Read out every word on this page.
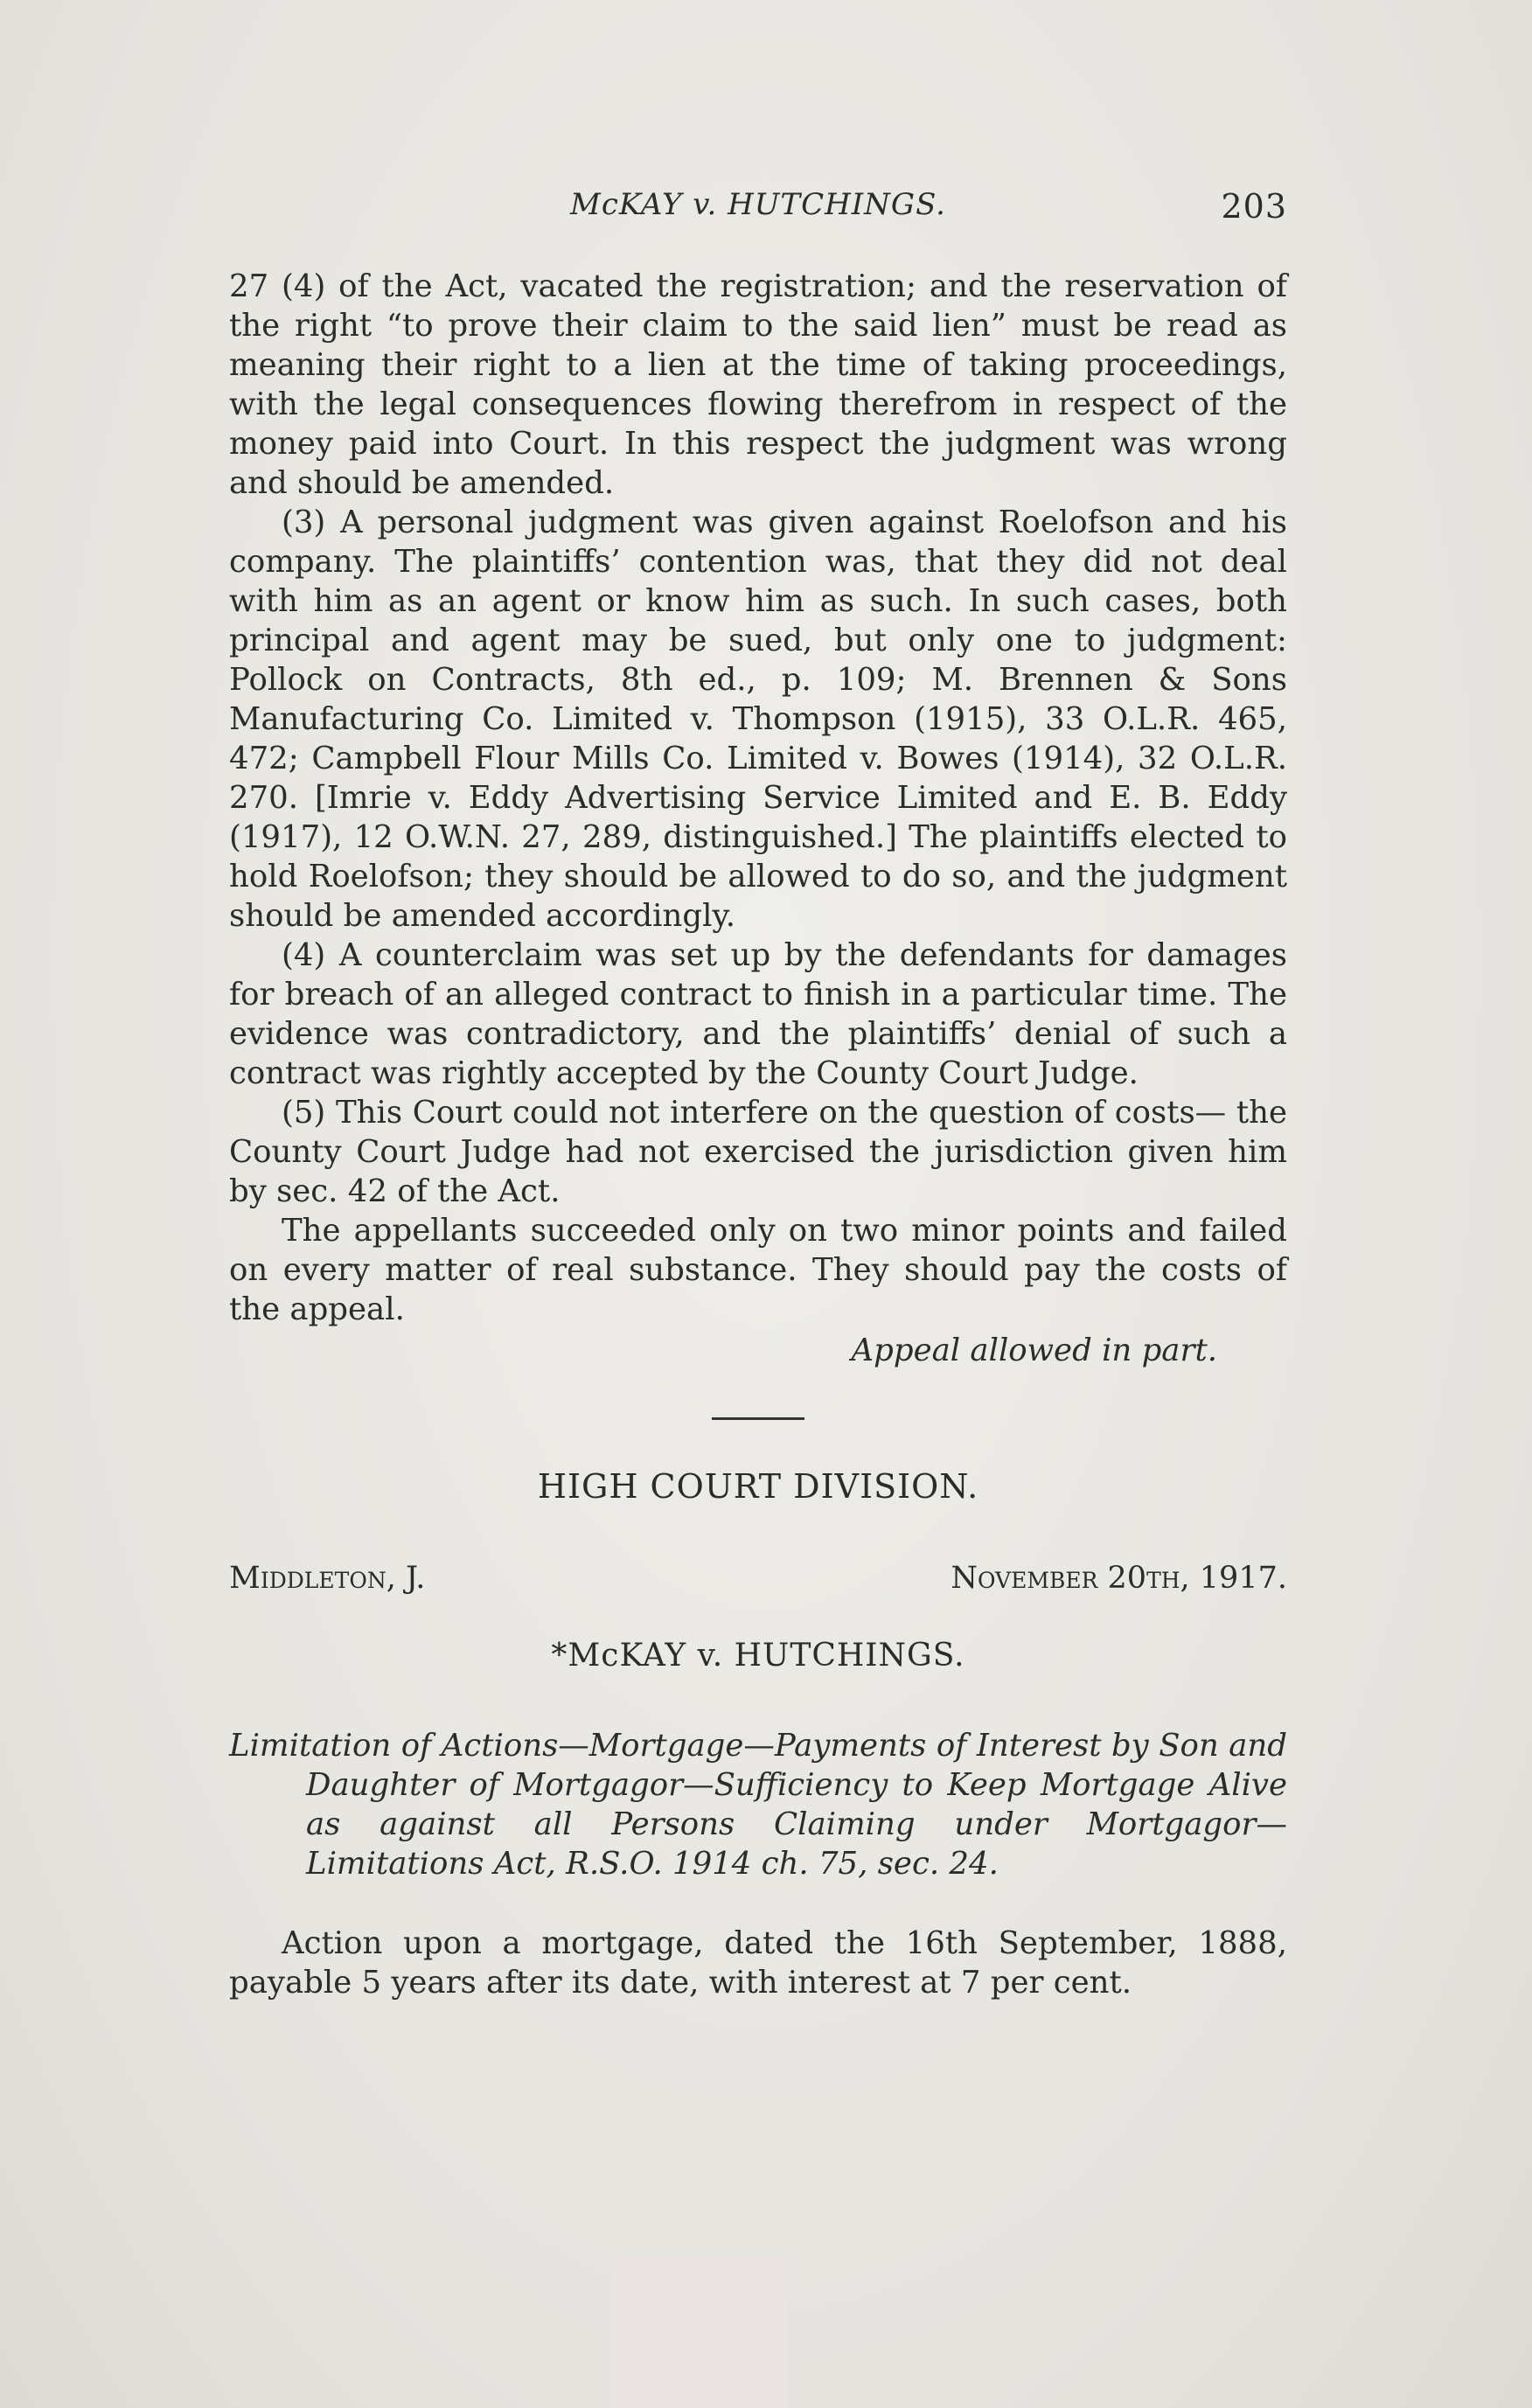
McKAY v. HUTCHINGS.	203

27 (4) of the Act, vacated the registration; and the reservation of the right “to prove their claim to the said lien” must be read as meaning their right to a lien at the time of taking proceedings, with the legal consequences flowing therefrom in respect of the money paid into Court. In this respect the judgment was wrong and should be amended.

(3) A personal judgment was given against Roelofson and his company. The plaintiffs’ contention was, that they did not deal with him as an agent or know him as such. In such cases, both principal and agent may be sued, but only one to judgment: Pollock on Contracts, 8th ed., p. 109; M. Brennen & Sons Manufacturing Co. Limited v. Thompson (1915), 33 O.L.R. 465, 472; Campbell Flour Mills Co. Limited v. Bowes (1914), 32 O.L.R. 270. [Imrie v. Eddy Advertising Service Limited and E. B. Eddy (1917), 12 O.W.N. 27, 289, distinguished.] The plaintiffs elected to hold Roelofson; they should be allowed to do so, and the judgment should be amended accordingly.

(4) A counterclaim was set up by the defendants for damages for breach of an alleged contract to finish in a particular time. The evidence was contradictory, and the plaintiffs’ denial of such a contract was rightly accepted by the County Court Judge.

(5) This Court could not interfere on the question of costs— the County Court Judge had not exercised the jurisdiction given him by sec. 42 of the Act.

The appellants succeeded only on two minor points and failed on every matter of real substance. They should pay the costs of the appeal.

Appeal allowed in part.

HIGH COURT DIVISION.
Middleton, J.	November 20th, 1917.
*McKAY v. HUTCHINGS.

Limitation of Actions—Mortgage—Payments of Interest by Son and Daughter of Mortgagor—Sufficiency to Keep Mortgage Alive as against all Persons Claiming under Mortgagor—Limitations Act, R.S.O. 1914 ch. 75, sec. 24.

Action upon a mortgage, dated the 16th September, 1888, payable 5 years after its date, with interest at 7 per cent.
